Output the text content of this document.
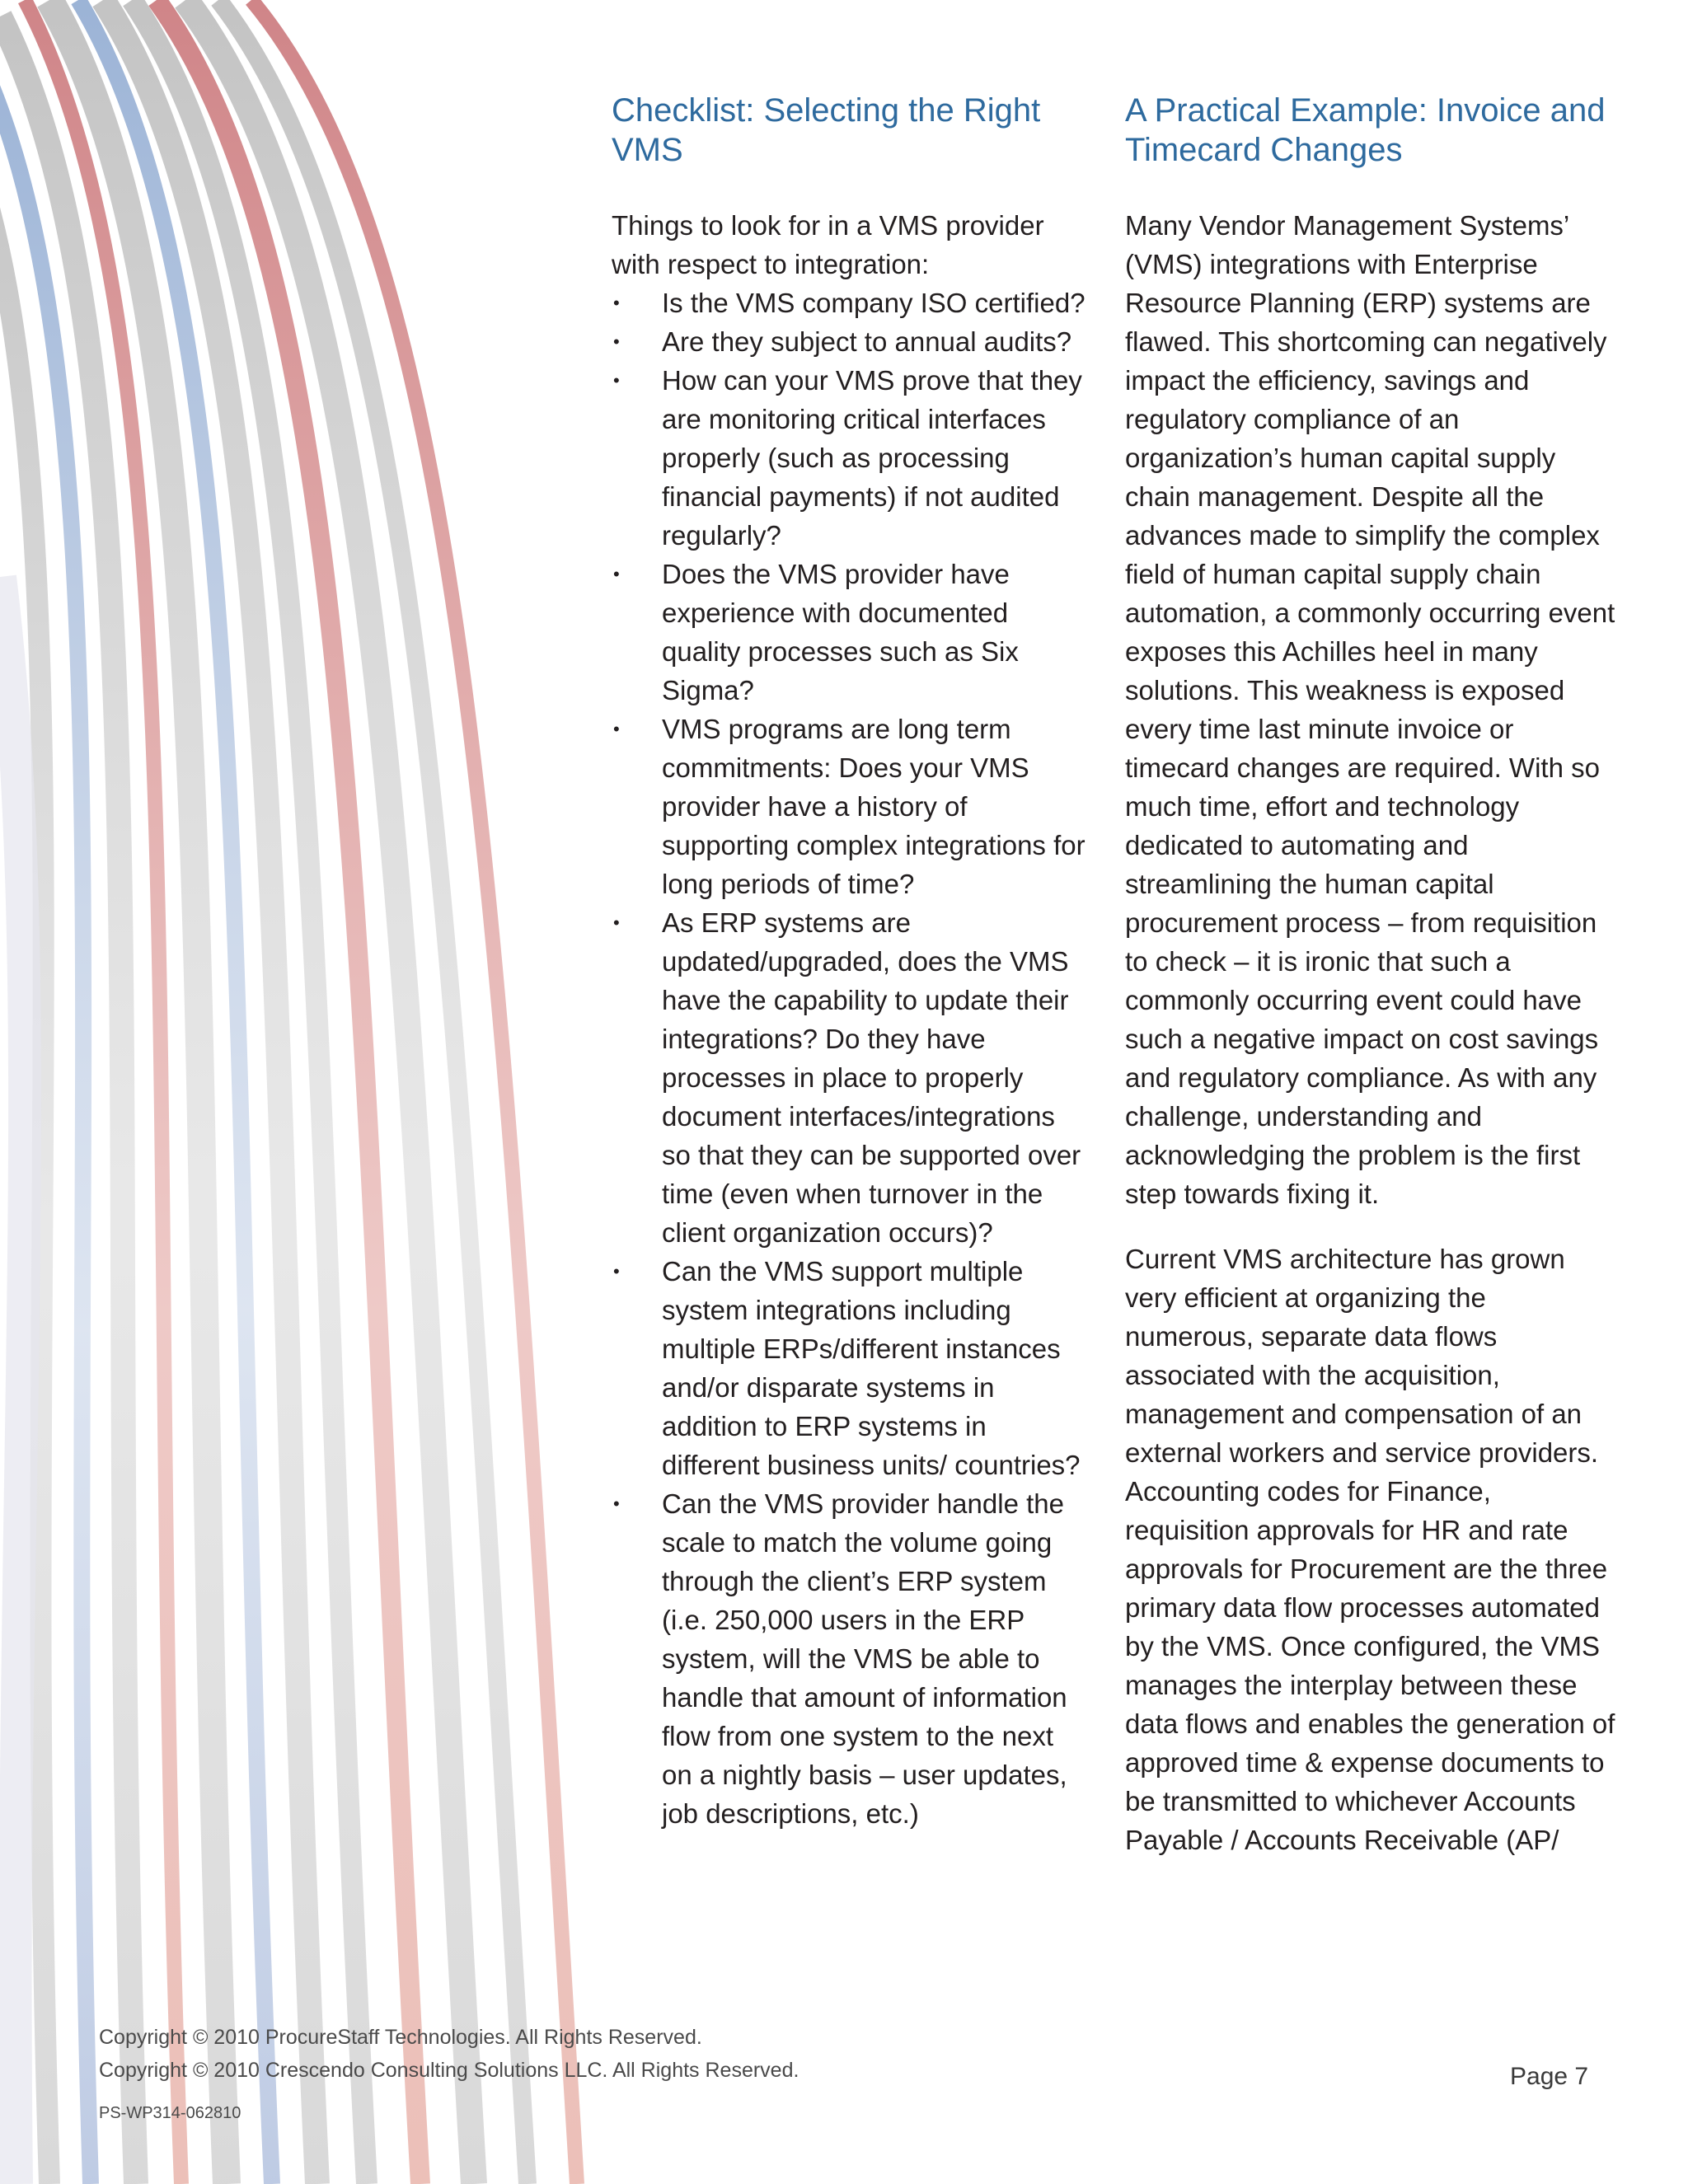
Checklist: Selecting the Right VMS

Things to look for in a VMS provider with respect to integration:

• Is the VMS company ISO certified?
• Are they subject to annual audits?
• How can your VMS prove that they are monitoring critical interfaces properly (such as processing financial payments) if not audited regularly?
• Does the VMS provider have experience with documented quality processes such as Six Sigma?
• VMS programs are long term commitments: Does your VMS provider have a history of supporting complex integrations for long periods of time?
• As ERP systems are updated/upgraded, does the VMS have the capability to update their integrations? Do they have processes in place to properly document interfaces/integrations so that they can be supported over time (even when turnover in the client organization occurs)?
• Can the VMS support multiple system integrations including multiple ERPs/different instances and/or disparate systems in addition to ERP systems in different business units/ countries?
• Can the VMS provider handle the scale to match the volume going through the client’s ERP system (i.e. 250,000 users in the ERP system, will the VMS be able to handle that amount of information flow from one system to the next on a nightly basis – user updates, job descriptions, etc.)
A Practical Example: Invoice and Timecard Changes

Many Vendor Management Systems’ (VMS) integrations with Enterprise Resource Planning (ERP) systems are flawed. This shortcoming can negatively impact the efficiency, savings and regulatory compliance of an organization’s human capital supply chain management. Despite all the advances made to simplify the complex field of human capital supply chain automation, a commonly occurring event exposes this Achilles heel in many solutions. This weakness is exposed every time last minute invoice or timecard changes are required. With so much time, effort and technology dedicated to automating and streamlining the human capital procurement process – from requisition to check – it is ironic that such a commonly occurring event could have such a negative impact on cost savings and regulatory compliance. As with any challenge, understanding and acknowledging the problem is the first step towards fixing it.

Current VMS architecture has grown very efficient at organizing the numerous, separate data flows associated with the acquisition, management and compensation of an external workers and service providers. Accounting codes for Finance, requisition approvals for HR and rate approvals for Procurement are the three primary data flow processes automated by the VMS. Once configured, the VMS manages the interplay between these data flows and enables the generation of approved time & expense documents to be transmitted to whichever Accounts Payable / Accounts Receivable (AP/

Copyright © 2010 ProcureStaff Technologies. All Rights Reserved.
Copyright © 2010 Crescendo Consulting Solutions LLC. All Rights Reserved.
PS-WP314-062810
Page 7
